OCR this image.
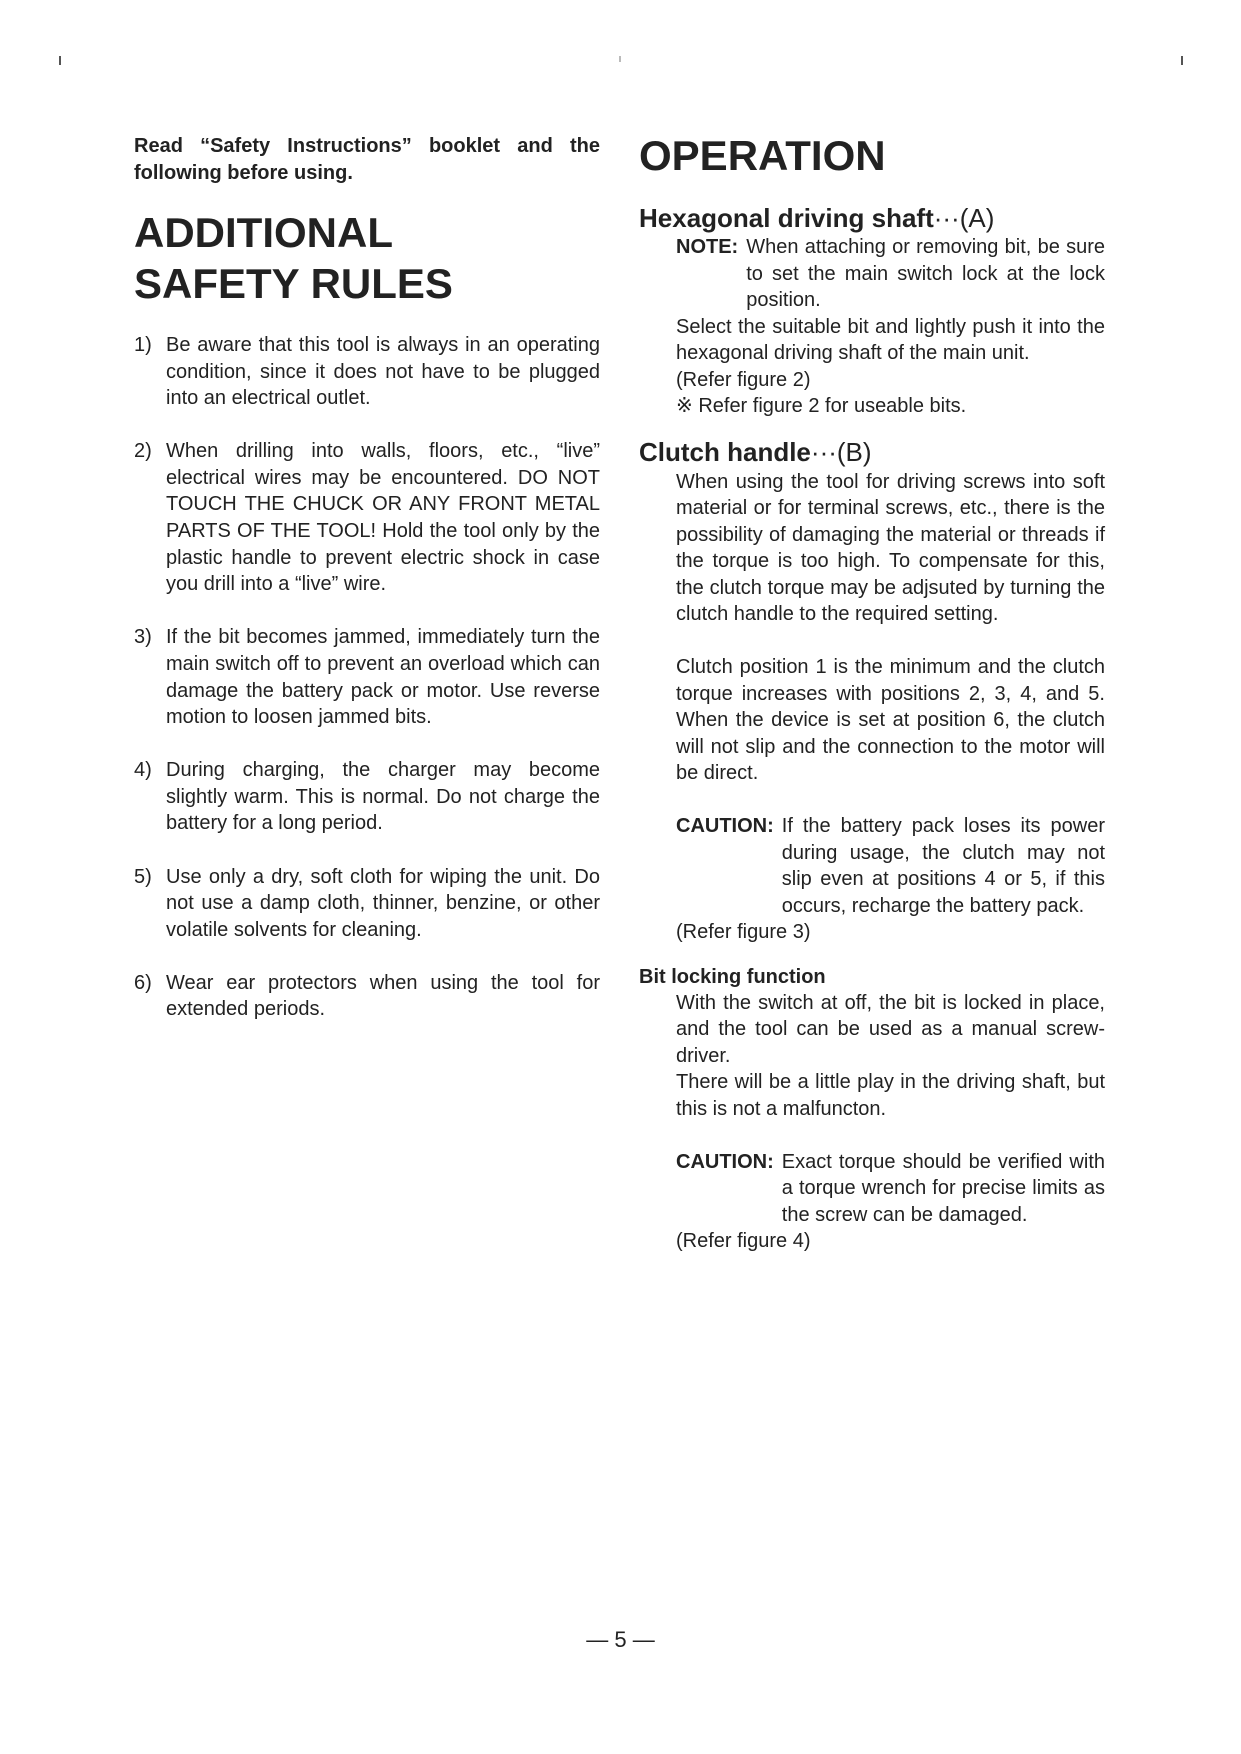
Read “Safety Instructions” booklet and the following before using.

ADDITIONAL
SAFETY RULES
1) Be aware that this tool is always in an operating condition, since it does not have to be plugged into an electrical outlet.
2) When drilling into walls, floors, etc., “live” electrical wires may be encountered. DO NOT TOUCH THE CHUCK OR ANY FRONT METAL PARTS OF THE TOOL! Hold the tool only by the plastic handle to prevent electric shock in case you drill into a “live” wire.
3) If the bit becomes jammed, immediately turn the main switch off to prevent an overload which can damage the battery pack or motor. Use reverse motion to loosen jammed bits.
4) During charging, the charger may become slightly warm. This is normal. Do not charge the battery for a long period.
5) Use only a dry, soft cloth for wiping the unit. Do not use a damp cloth, thinner, benzine, or other volatile solvents for cleaning.
6) Wear ear protectors when using the tool for extended periods.
OPERATION
Hexagonal driving shaft···(A)
NOTE: When attaching or removing bit, be sure to set the main switch lock at the lock position.

Select the suitable bit and lightly push it into the hexagonal driving shaft of the main unit.

(Refer figure 2)

※ Refer figure 2 for useable bits.

Clutch handle···(B)

When using the tool for driving screws into soft material or for terminal screws, etc., there is the possibility of damaging the material or threads if the torque is too high. To compensate for this, the clutch torque may be adjsuted by turning the clutch handle to the required setting.

Clutch position 1 is the minimum and the clutch torque increases with positions 2, 3, 4, and 5. When the device is set at position 6, the clutch will not slip and the connection to the motor will be direct.

CAUTION: If the battery pack loses its power during usage, the clutch may not slip even at positions 4 or 5, if this occurs, recharge the battery pack.

(Refer figure 3)

Bit locking function

With the switch at off, the bit is locked in place, and the tool can be used as a manual screw-driver.

There will be a little play in the driving shaft, but this is not a malfuncton.

CAUTION: Exact torque should be verified with a torque wrench for precise limits as the screw can be damaged.

(Refer figure 4)

— 5 —
